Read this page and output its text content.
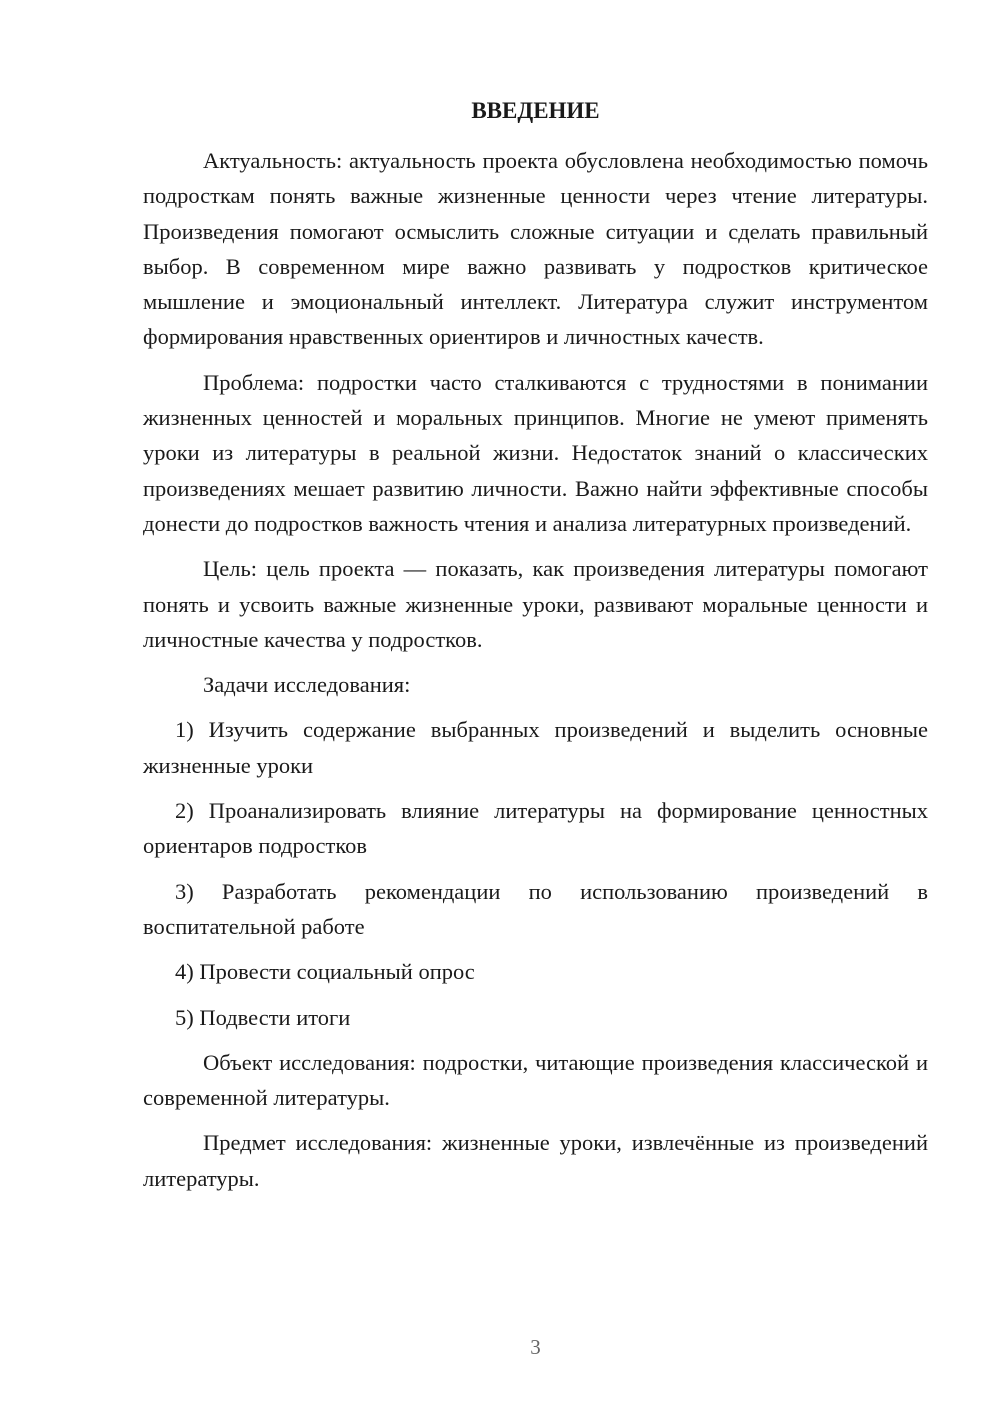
ВВЕДЕНИЕ

Актуальность: актуальность проекта обусловлена необходимостью помочь подросткам понять важные жизненные ценности через чтение литературы. Произведения помогают осмыслить сложные ситуации и сделать правильный выбор. В современном мире важно развивать у подростков критическое мышление и эмоциональный интеллект. Литература служит инструментом формирования нравственных ориентиров и личностных качеств.

Проблема: подростки часто сталкиваются с трудностями в понимании жизненных ценностей и моральных принципов. Многие не умеют применять уроки из литературы в реальной жизни. Недостаток знаний о классических произведениях мешает развитию личности. Важно найти эффективные способы донести до подростков важность чтения и анализа литературных произведений.

Цель: цель проекта — показать, как произведения литературы помогают понять и усвоить важные жизненные уроки, развивают моральные ценности и личностные качества у подростков.

Задачи исследования:

1) Изучить содержание выбранных произведений и выделить основные жизненные уроки

2) Проанализировать влияние литературы на формирование ценностных ориентаров подростков

3) Разработать рекомендации по использованию произведений в воспитательной работе

4) Провести социальный опрос

5) Подвести итоги

Объект исследования: подростки, читающие произведения классической и современной литературы.

Предмет исследования: жизненные уроки, извлечённые из произведений литературы.

3
